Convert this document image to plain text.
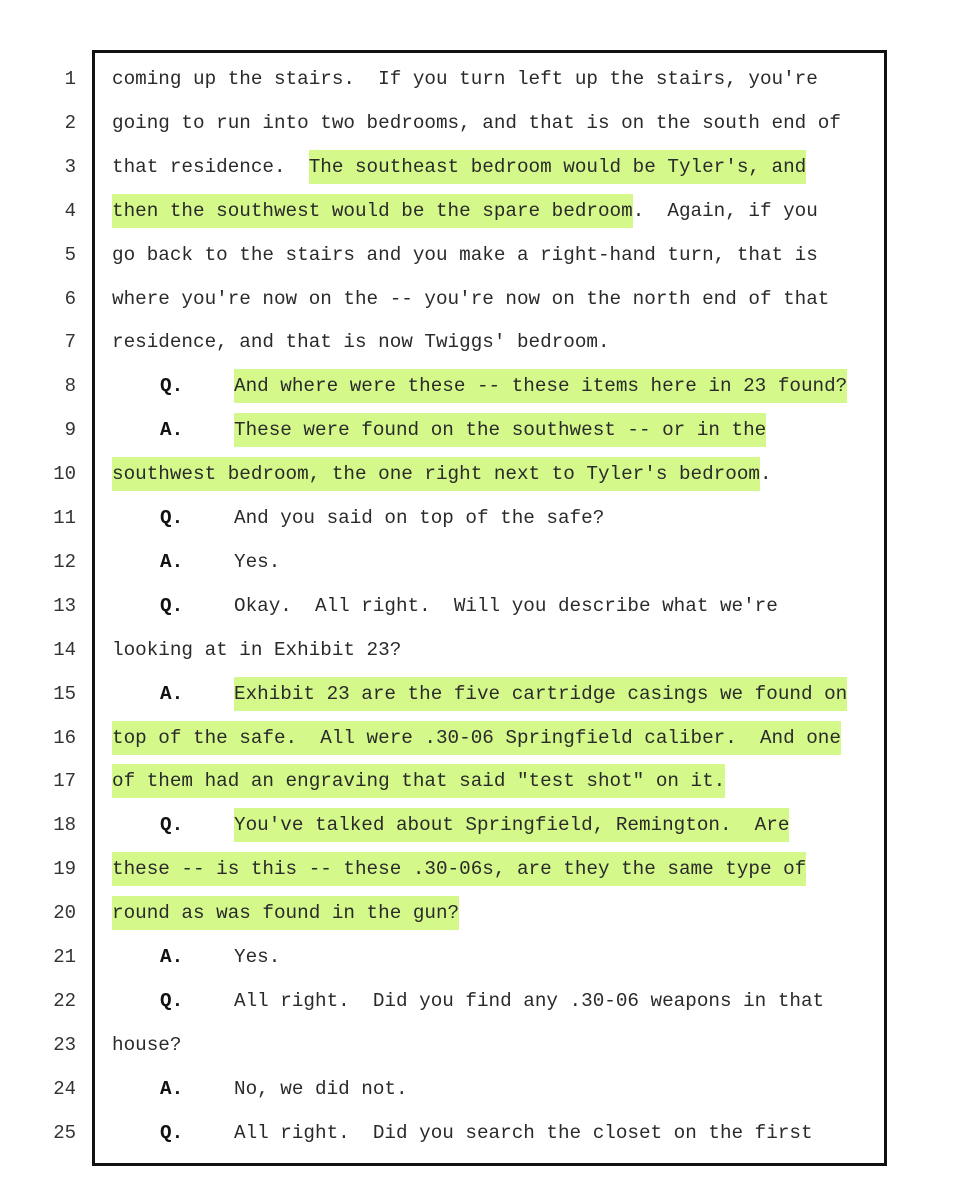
1 coming up the stairs.  If you turn left up the stairs, you're
2 going to run into two bedrooms, and that is on the south end of
3 that residence.  The southeast bedroom would be Tyler's, and
4 then the southwest would be the spare bedroom.  Again, if you
5 go back to the stairs and you make a right-hand turn, that is
6 where you're now on the -- you're now on the north end of that
7 residence, and that is now Twiggs' bedroom.
8	Q.	And where were these -- these items here in 23 found?
9	A.	These were found on the southwest -- or in the
10 southwest bedroom, the one right next to Tyler's bedroom.
11	Q.	And you said on top of the safe?
12	A.	Yes.
13	Q.	Okay.  All right.  Will you describe what we're
14 looking at in Exhibit 23?
15	A.	Exhibit 23 are the five cartridge casings we found on
16 top of the safe.  All were .30-06 Springfield caliber.  And one
17 of them had an engraving that said "test shot" on it.
18	Q.	You've talked about Springfield, Remington.  Are
19 these -- is this -- these .30-06s, are they the same type of
20 round as was found in the gun?
21	A.	Yes.
22	Q.	All right.  Did you find any .30-06 weapons in that
23 house?
24	A.	No, we did not.
25	Q.	All right.  Did you search the closet on the first
